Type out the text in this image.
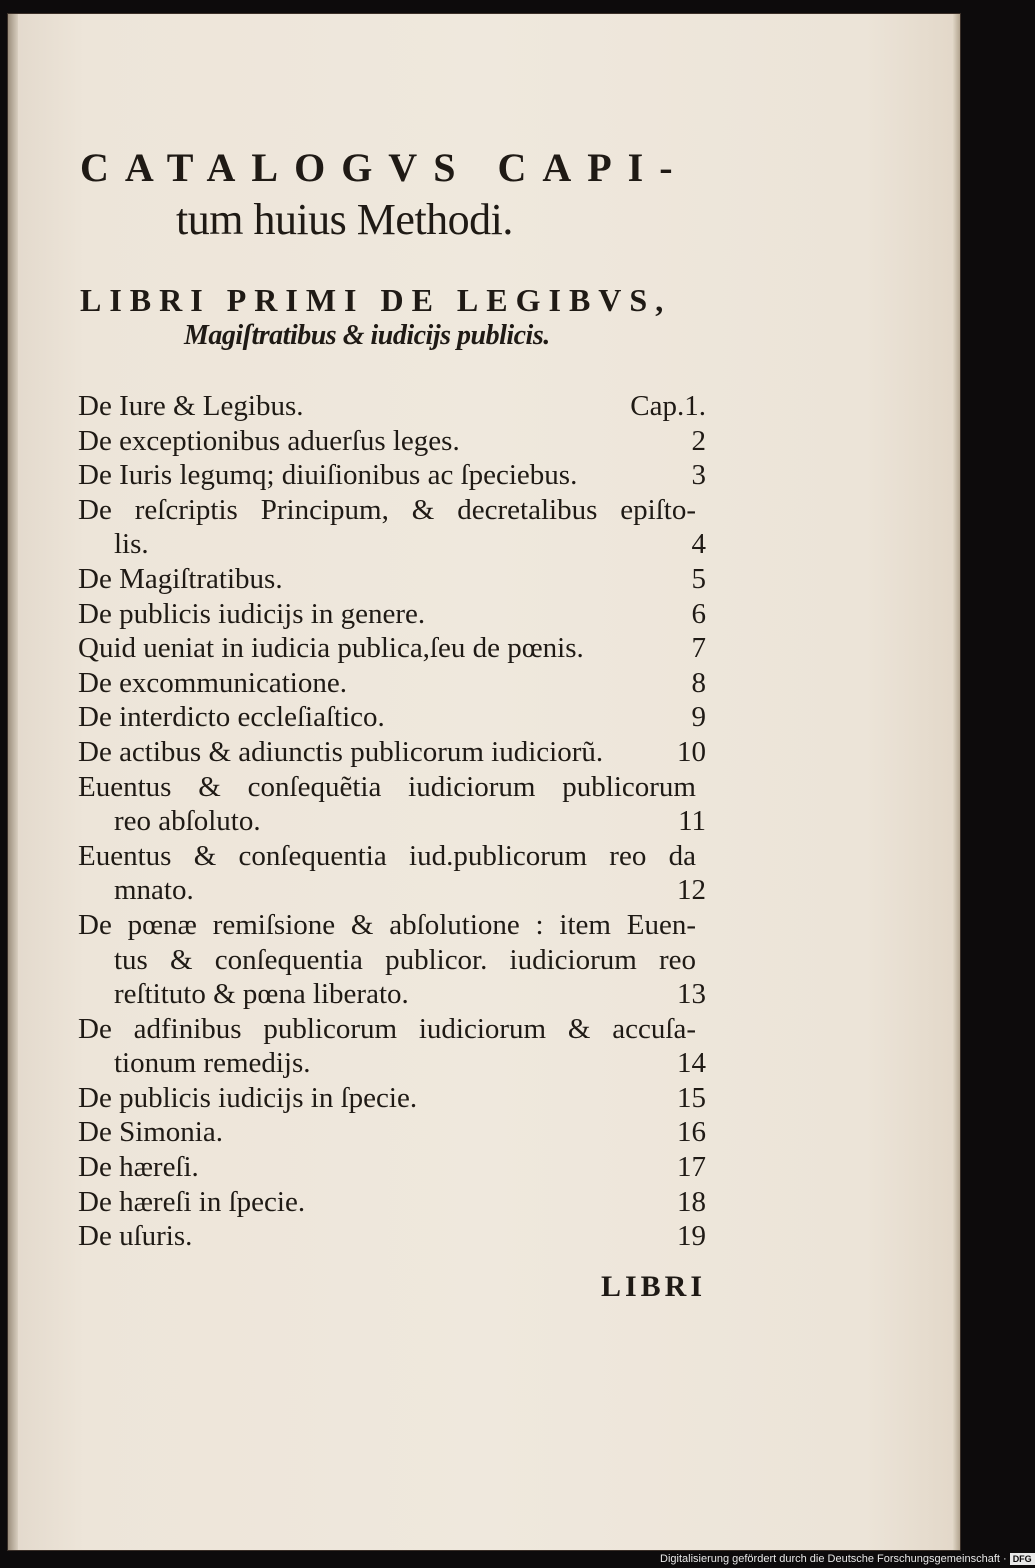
CATALOGVS CAPI-
tum huius Methodi.
LIBRI PRIMI DE LEGIBVS,
Magiſtratibus & iudicijs publicis.
De Iure & Legibus.	Cap.1.
De exceptionibus aduerſus leges.	2
De Iuris legumq; diuiſionibus ac ſpeciebus.	3
De reſcriptis Principum, & decretalibus epiſto-
lis.	4
De Magiſtratibus.	5
De publicis iudicijs in genere.	6
Quid ueniat in iudicia publica,ſeu de pœnis.	7
De excommunicatione.	8
De interdicto eccleſiaſtico.	9
De actibus & adiunctis publicorum iudiciorũ.	10
Euentus & conſequẽtia iudiciorum publicorum
reo abſoluto.	11
Euentus & conſequentia iud.publicorum reo da
mnato.	12
De pœnæ remiſsione & abſolutione : item Euen-
tus & conſequentia publicor. iudiciorum reo
reſtituto & pœna liberato.	13
De adfinibus publicorum iudiciorum & accuſa-
tionum remedijs.	14
De publicis iudicijs in ſpecie.	15
De Simonia.	16
De hæreſi.	17
De hæreſi in ſpecie.	18
De uſuris.	19
LIBRI
Digitalisierung gefördert durch die Deutsche Forschungsgemeinschaft · DFG
